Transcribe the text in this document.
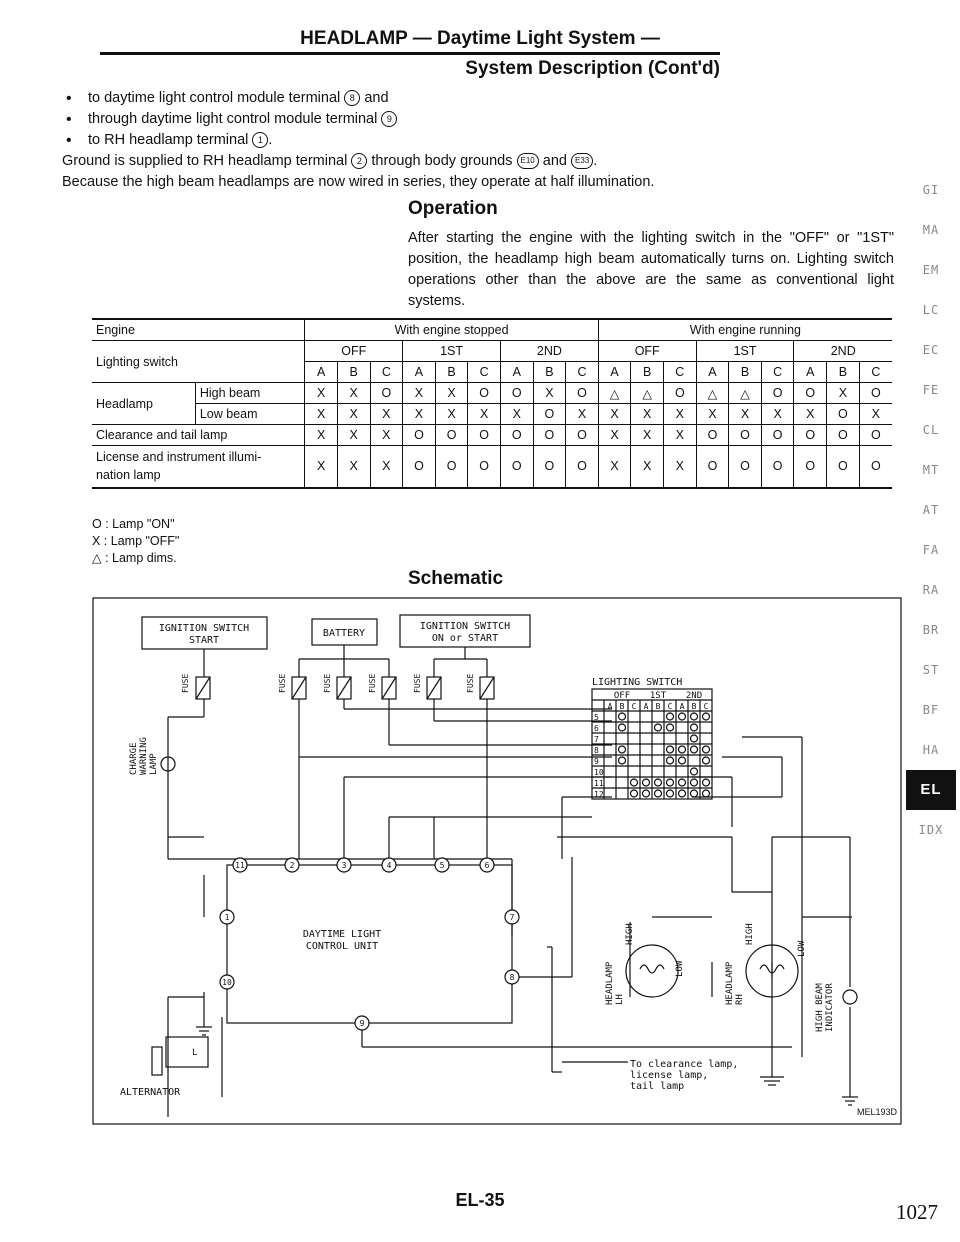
HEADLAMP — Daytime Light System —
System Description (Cont'd)
• to daytime light control module terminal 8 and
• through daytime light control module terminal 9
• to RH headlamp terminal 1 .
Ground is supplied to RH headlamp terminal 2 through body grounds E10 and E33 .
Because the high beam headlamps are now wired in series, they operate at half illumination.
Operation
After starting the engine with the lighting switch in the "OFF" or "1ST" position, the headlamp high beam automatically turns on. Lighting switch operations other than the above are the same as conventional light systems.
Engine		With engine stopped									With engine running								
Lighting switch		OFF			1ST			2ND			OFF			1ST			2ND		
		A	B	C	A	B	C	A	B	C	A	B	C	A	B	C	A	B	C
Headlamp	High beam	X	X	O	X	X	O	O	X	O	△	△	O	△	△	O	O	X	O
	Low beam	X	X	X	X	X	X	X	O	X	X	X	X	X	X	X	X	O	X
Clearance and tail lamp		X	X	X	O	O	O	O	O	O	X	X	X	O	O	O	O	O	O
License and instrument illumi-
nation lamp		X	X	X	O	O	O	O	O	O	X	X	X	O	O	O	O	O	O
O : Lamp "ON"
X : Lamp "OFF"
△ : Lamp dims.
Schematic
IGNITION SWITCH
START
BATTERY
IGNITION SWITCH
ON or START
FUSE	FUSE	FUSE	FUSE	FUSE	FUSE
CHARGE WARNING LAMP
LIGHTING SWITCH
OFF 1ST 2ND
A B C A B C A B C
5
6
7
8
9
10
11
12
DAYTIME LIGHT
CONTROL UNIT
11	2	3	4	5	6
1
10
7
8
9
HEADLAMP LH	HEADLAMP RH
HIGH
LOW
HIGH
LOW
HIGH BEAM INDICATOR
To clearance lamp,
license lamp,
tail lamp
L
ALTERNATOR
MEL193D
GI
MA
EM
LC
EC
FE
CL
MT
AT
FA
RA
BR
ST
BF
HA
EL
IDX
EL-35	1027
